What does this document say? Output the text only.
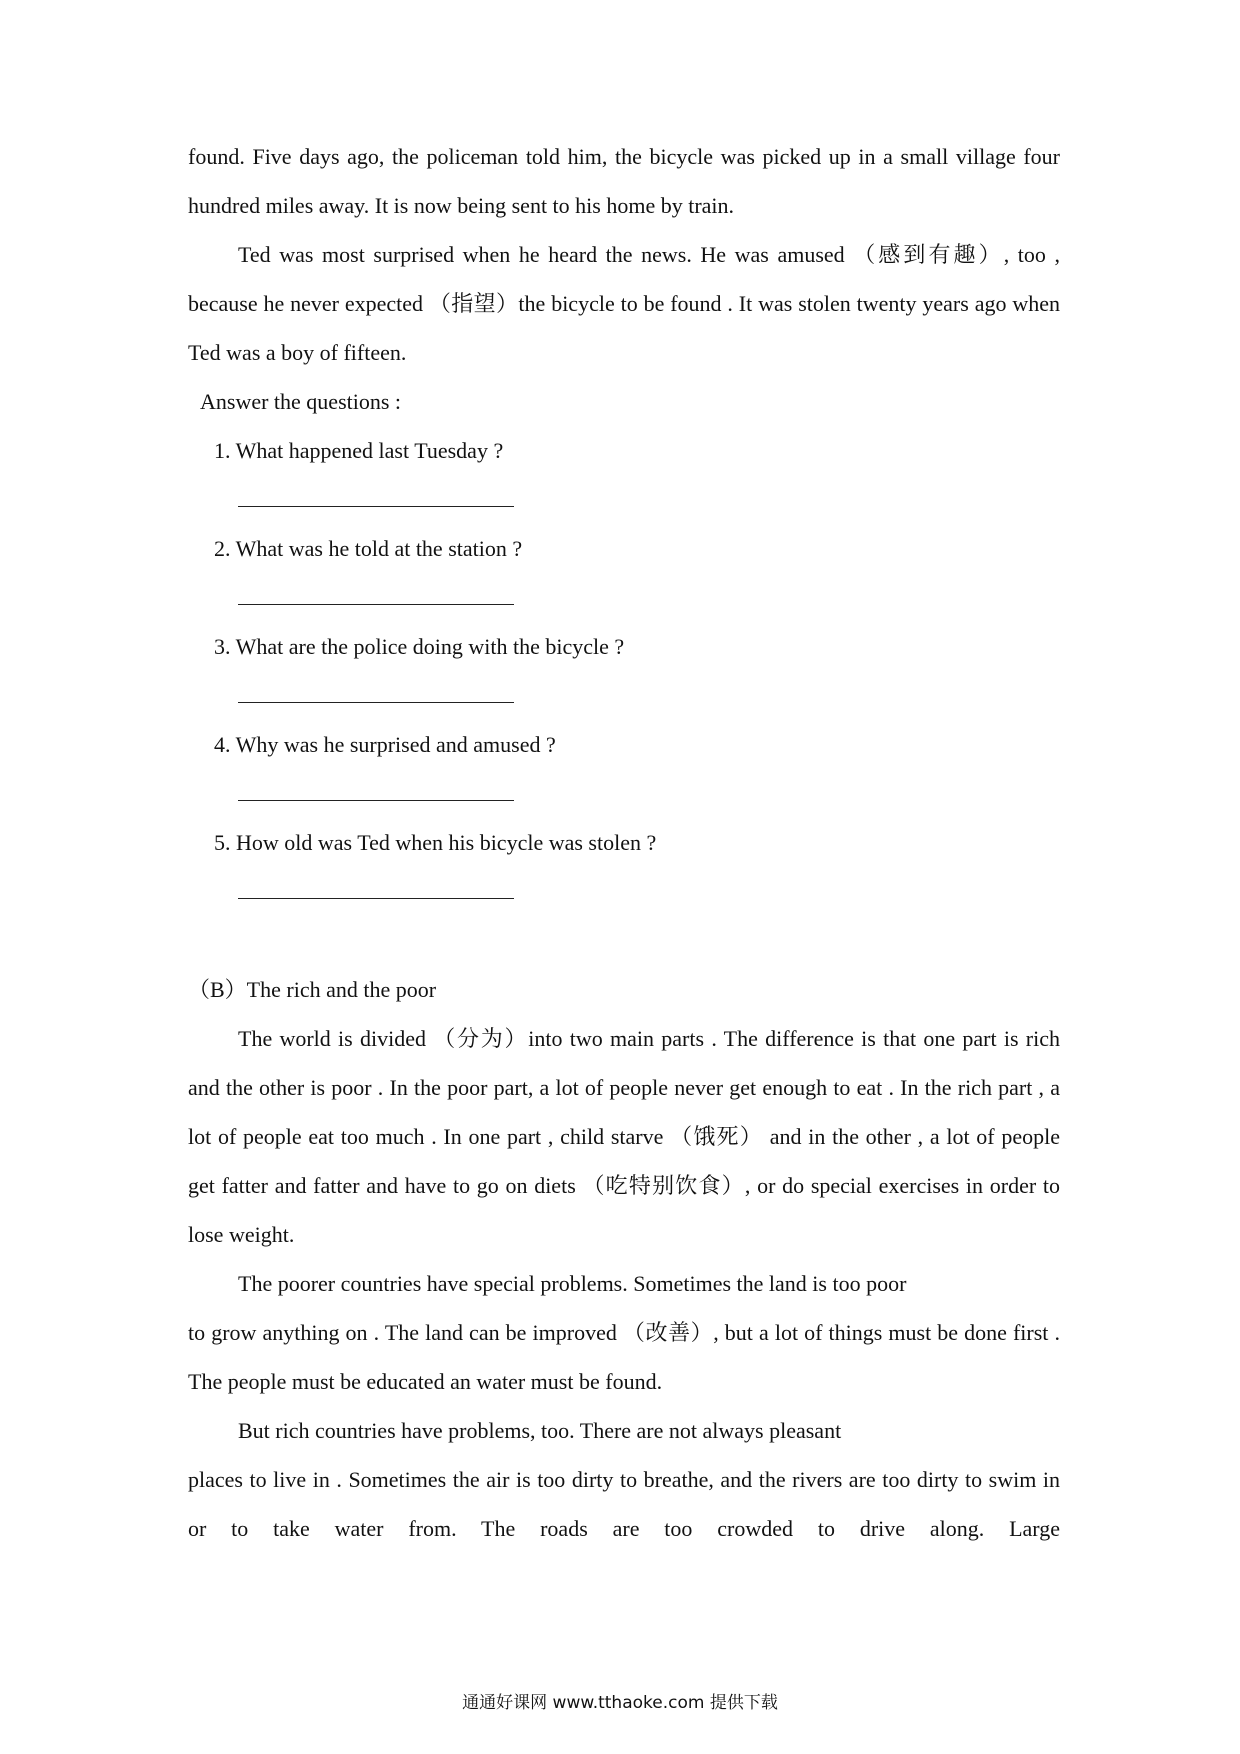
found. Five days ago, the policeman told him, the bicycle was picked up in a small village four hundred miles away. It is now being sent to his home by train.

Ted was most surprised when he heard the news. He was amused （感到有趣）, too , because he never expected （指望）the bicycle to be found . It was stolen twenty years ago when Ted was a boy of fifteen.

Answer the questions :

1. What happened last Tuesday ?

2. What was he told at the station ?

3. What are the police doing with the bicycle ?

4. Why was he surprised and amused ?

5. How old was Ted when his bicycle was stolen ?

（B）The rich and the poor

The world is divided （分为）into two main parts . The difference is that one part is rich and the other is poor . In the poor part, a lot of people never get enough to eat . In the rich part , a lot of people eat too much . In one part , child starve （饿死） and in the other , a lot of people get fatter and fatter and have to go on diets （吃特别饮食）, or do special exercises in order to lose weight.

The poorer countries have special problems. Sometimes the land is too poor

to grow anything on . The land can be improved （改善）, but a lot of things must be done first . The people must be educated an water must be found.

But rich countries have problems, too. There are not always pleasant

places to live in . Sometimes the air is too dirty to breathe, and the rivers are too dirty to swim in or to take water from. The roads are too crowded to drive along. Large

通通好课网 www.tthaoke.com 提供下载
